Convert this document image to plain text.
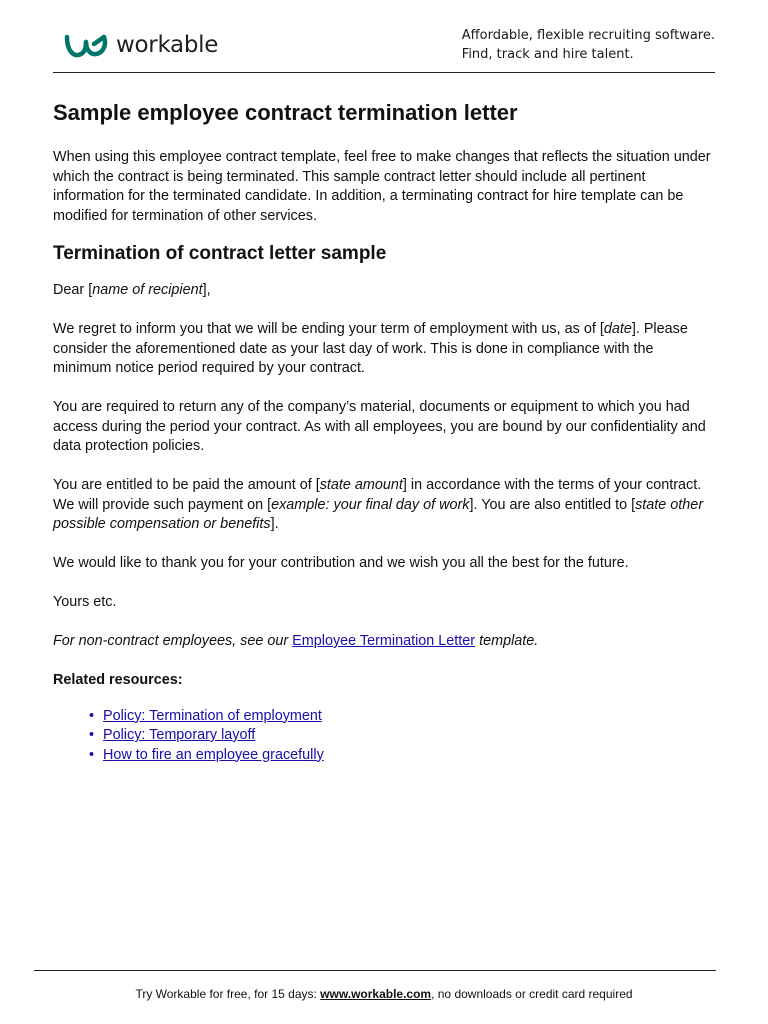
workable	Affordable, flexible recruiting software.
Find, track and hire talent.
Sample employee contract termination letter

When using this employee contract template, feel free to make changes that reflects the situation under which the contract is being terminated. This sample contract letter should include all pertinent information for the terminated candidate. In addition, a terminating contract for hire template can be modified for termination of other services.

Termination of contract letter sample

Dear [name of recipient],

We regret to inform you that we will be ending your term of employment with us, as of [date]. Please consider the aforementioned date as your last day of work. This is done in compliance with the minimum notice period required by your contract.

You are required to return any of the company’s material, documents or equipment to which you had access during the period your contract. As with all employees, you are bound by our confidentiality and data protection policies.

You are entitled to be paid the amount of [state amount] in accordance with the terms of your contract. We will provide such payment on [example: your final day of work]. You are also entitled to [state other possible compensation or benefits].

We would like to thank you for your contribution and we wish you all the best for the future.

Yours etc.

For non-contract employees, see our Employee Termination Letter template.

Related resources:

• Policy: Termination of employment
• Policy: Temporary layoff
• How to fire an employee gracefully
Try Workable for free, for 15 days: www.workable.com, no downloads or credit card required
